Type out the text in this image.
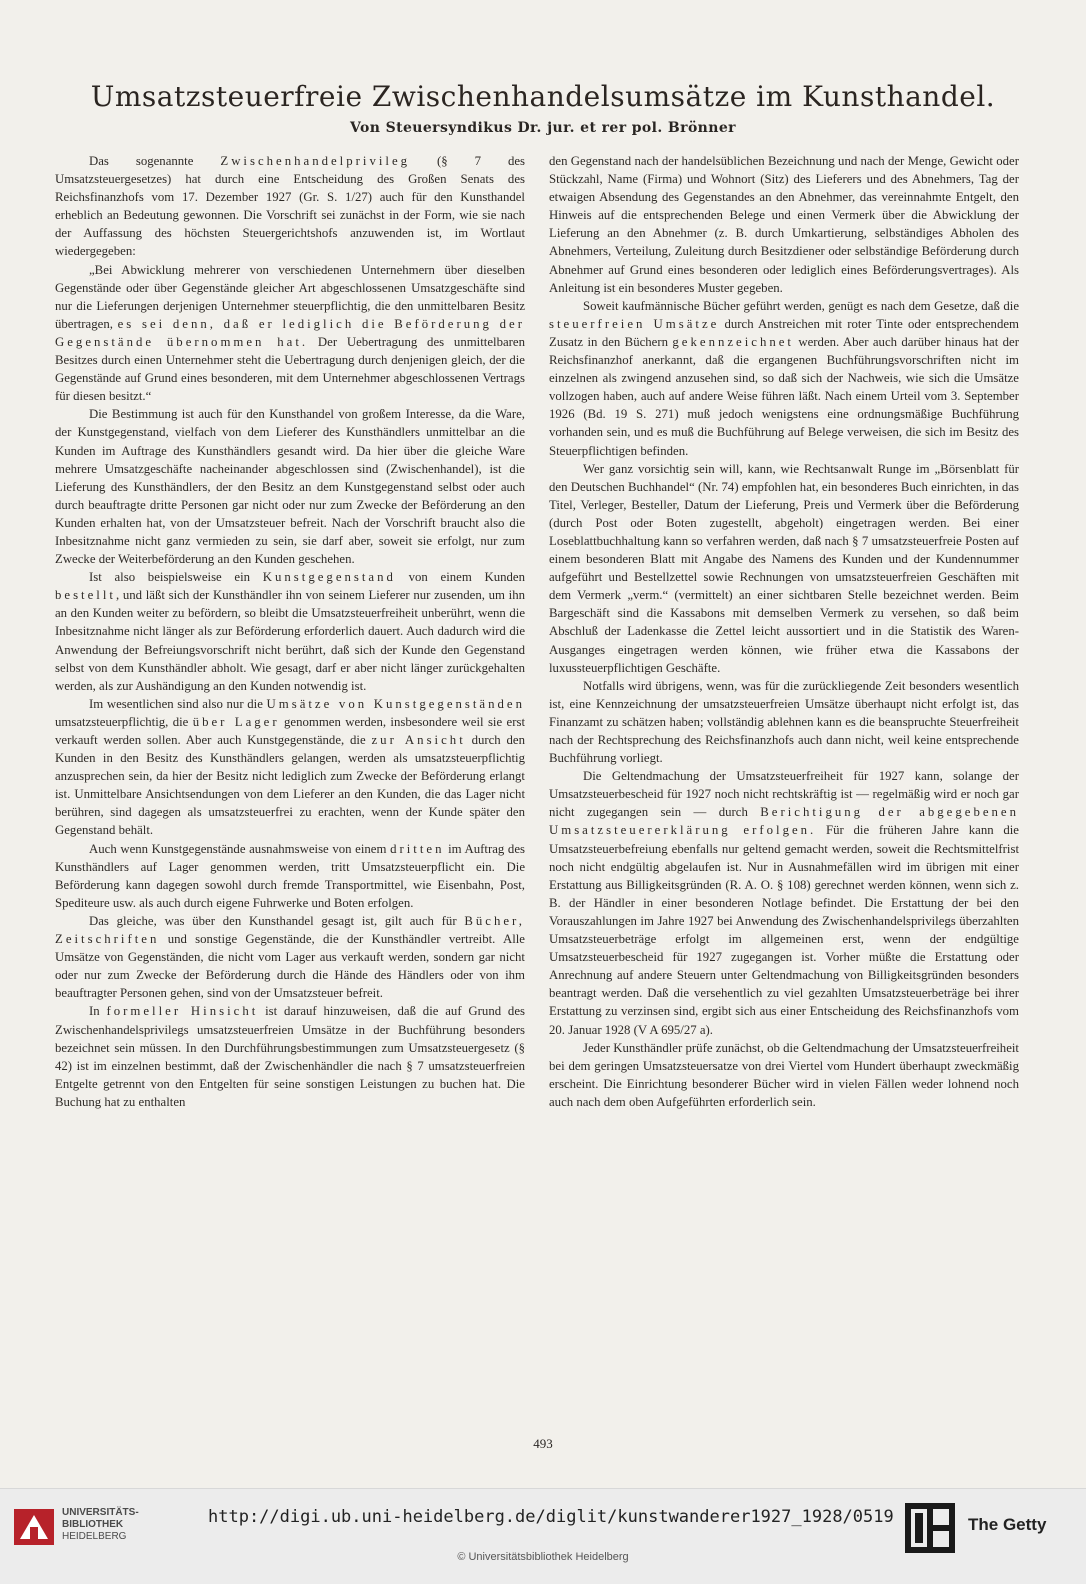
Umsatzsteuerfreie Zwischenhandelsumsätze im Kunsthandel.
Von Steuersyndikus Dr. jur. et rer pol. Brönner

Das sogenannte Zwischenhandelprivileg (§ 7 des Umsatzsteuergesetzes) hat durch eine Entscheidung des Großen Senats des Reichsfinanzhofs vom 17. Dezember 1927 (Gr. S. 1/27) auch für den Kunsthandel erheblich an Bedeutung gewonnen. Die Vorschrift sei zunächst in der Form, wie sie nach der Auffassung des höchsten Steuergerichtshofs anzuwenden ist, im Wortlaut wiedergegeben:

„Bei Abwicklung mehrerer von verschiedenen Unternehmern über dieselben Gegenstände oder über Gegenstände gleicher Art abgeschlossenen Umsatzgeschäfte sind nur die Lieferungen derjenigen Unternehmer steuerpflichtig, die den unmittelbaren Besitz übertragen, es sei denn, daß er lediglich die Beförderung der Gegenstände übernommen hat. Der Uebertragung des unmittelbaren Besitzes durch einen Unternehmer steht die Uebertragung durch denjenigen gleich, der die Gegenstände auf Grund eines besonderen, mit dem Unternehmer abgeschlossenen Vertrags für diesen besitzt.“

Die Bestimmung ist auch für den Kunsthandel von großem Interesse, da die Ware, der Kunstgegenstand, vielfach von dem Lieferer des Kunsthändlers unmittelbar an die Kunden im Auftrage des Kunsthändlers gesandt wird. Da hier über die gleiche Ware mehrere Umsatzgeschäfte nacheinander abgeschlossen sind (Zwischenhandel), ist die Lieferung des Kunsthändlers, der den Besitz an dem Kunstgegenstand selbst oder auch durch beauftragte dritte Personen gar nicht oder nur zum Zwecke der Beförderung an den Kunden erhalten hat, von der Umsatzsteuer befreit. Nach der Vorschrift braucht also die Inbesitznahme nicht ganz vermieden zu sein, sie darf aber, soweit sie erfolgt, nur zum Zwecke der Weiterbeförderung an den Kunden geschehen.

Ist also beispielsweise ein Kunstgegenstand von einem Kunden bestellt, und läßt sich der Kunsthändler ihn von seinem Lieferer nur zusenden, um ihn an den Kunden weiter zu befördern, so bleibt die Umsatzsteuerfreiheit unberührt, wenn die Inbesitznahme nicht länger als zur Beförderung erforderlich dauert. Auch dadurch wird die Anwendung der Befreiungsvorschrift nicht berührt, daß sich der Kunde den Gegenstand selbst von dem Kunsthändler abholt. Wie gesagt, darf er aber nicht länger zurückgehalten werden, als zur Aushändigung an den Kunden notwendig ist.

Im wesentlichen sind also nur die Umsätze von Kunstgegenständen umsatzsteuerpflichtig, die über Lager genommen werden, insbesondere weil sie erst verkauft werden sollen. Aber auch Kunstgegenstände, die zur Ansicht durch den Kunden in den Besitz des Kunsthändlers gelangen, werden als umsatzsteuerpflichtig anzusprechen sein, da hier der Besitz nicht lediglich zum Zwecke der Beförderung erlangt ist. Unmittelbare Ansichtsendungen von dem Lieferer an den Kunden, die das Lager nicht berühren, sind dagegen als umsatzsteuerfrei zu erachten, wenn der Kunde später den Gegenstand behält.

Auch wenn Kunstgegenstände ausnahmsweise von einem dritten im Auftrag des Kunsthändlers auf Lager genommen werden, tritt Umsatzsteuerpflicht ein. Die Beförderung kann dagegen sowohl durch fremde Transportmittel, wie Eisenbahn, Post, Spediteure usw. als auch durch eigene Fuhrwerke und Boten erfolgen.

Das gleiche, was über den Kunsthandel gesagt ist, gilt auch für Bücher, Zeitschriften und sonstige Gegenstände, die der Kunsthändler vertreibt. Alle Umsätze von Gegenständen, die nicht vom Lager aus verkauft werden, sondern gar nicht oder nur zum Zwecke der Beförderung durch die Hände des Händlers oder von ihm beauftragter Personen gehen, sind von der Umsatzsteuer befreit.

In formeller Hinsicht ist darauf hinzuweisen, daß die auf Grund des Zwischenhandelsprivilegs umsatzsteuerfreien Umsätze in der Buchführung besonders bezeichnet sein müssen. In den Durchführungsbestimmungen zum Umsatzsteuergesetz (§ 42) ist im einzelnen bestimmt, daß der Zwischenhändler die nach § 7 umsatzsteuerfreien Entgelte getrennt von den Entgelten für seine sonstigen Leistungen zu buchen hat. Die Buchung hat zu enthalten

den Gegenstand nach der handelsüblichen Bezeichnung und nach der Menge, Gewicht oder Stückzahl, Name (Firma) und Wohnort (Sitz) des Lieferers und des Abnehmers, Tag der etwaigen Absendung des Gegenstandes an den Abnehmer, das vereinnahmte Entgelt, den Hinweis auf die entsprechenden Belege und einen Vermerk über die Abwicklung der Lieferung an den Abnehmer (z. B. durch Umkartierung, selbständiges Abholen des Abnehmers, Verteilung, Zuleitung durch Besitzdiener oder selbständige Beförderung durch Abnehmer auf Grund eines besonderen oder lediglich eines Beförderungsvertrages). Als Anleitung ist ein besonderes Muster gegeben.

Soweit kaufmännische Bücher geführt werden, genügt es nach dem Gesetze, daß die steuerfreien Umsätze durch Anstreichen mit roter Tinte oder entsprechendem Zusatz in den Büchern gekennzeichnet werden. Aber auch darüber hinaus hat der Reichsfinanzhof anerkannt, daß die ergangenen Buchführungsvorschriften nicht im einzelnen als zwingend anzusehen sind, so daß sich der Nachweis, wie sich die Umsätze vollzogen haben, auch auf andere Weise führen läßt. Nach einem Urteil vom 3. September 1926 (Bd. 19 S. 271) muß jedoch wenigstens eine ordnungsmäßige Buchführung vorhanden sein, und es muß die Buchführung auf Belege verweisen, die sich im Besitz des Steuerpflichtigen befinden.

Wer ganz vorsichtig sein will, kann, wie Rechtsanwalt Runge im „Börsenblatt für den Deutschen Buchhandel“ (Nr. 74) empfohlen hat, ein besonderes Buch einrichten, in das Titel, Verleger, Besteller, Datum der Lieferung, Preis und Vermerk über die Beförderung (durch Post oder Boten zugestellt, abgeholt) eingetragen werden. Bei einer Loseblattbuchhaltung kann so verfahren werden, daß nach § 7 umsatzsteuerfreie Posten auf einem besonderen Blatt mit Angabe des Namens des Kunden und der Kundennummer aufgeführt und Bestellzettel sowie Rechnungen von umsatzsteuerfreien Geschäften mit dem Vermerk „verm.“ (vermittelt) an einer sichtbaren Stelle bezeichnet werden. Beim Bargeschäft sind die Kassabons mit demselben Vermerk zu versehen, so daß beim Abschluß der Ladenkasse die Zettel leicht aussortiert und in die Statistik des Waren-Ausganges eingetragen werden können, wie früher etwa die Kassabons der luxussteuerpflichtigen Geschäfte.

Notfalls wird übrigens, wenn, was für die zurückliegende Zeit besonders wesentlich ist, eine Kennzeichnung der umsatzsteuerfreien Umsätze überhaupt nicht erfolgt ist, das Finanzamt zu schätzen haben; vollständig ablehnen kann es die beanspruchte Steuerfreiheit nach der Rechtsprechung des Reichsfinanzhofs auch dann nicht, weil keine entsprechende Buchführung vorliegt.

Die Geltendmachung der Umsatzsteuerfreiheit für 1927 kann, solange der Umsatzsteuerbescheid für 1927 noch nicht rechtskräftig ist — regelmäßig wird er noch gar nicht zugegangen sein — durch Berichtigung der abgegebenen Umsatzsteuererklärung erfolgen. Für die früheren Jahre kann die Umsatzsteuerbefreiung ebenfalls nur geltend gemacht werden, soweit die Rechtsmittelfrist noch nicht endgültig abgelaufen ist. Nur in Ausnahmefällen wird im übrigen mit einer Erstattung aus Billigkeitsgründen (R. A. O. § 108) gerechnet werden können, wenn sich z. B. der Händler in einer besonderen Notlage befindet. Die Erstattung der bei den Vorauszahlungen im Jahre 1927 bei Anwendung des Zwischenhandelsprivilegs überzahlten Umsatzsteuerbeträge erfolgt im allgemeinen erst, wenn der endgültige Umsatzsteuerbescheid für 1927 zugegangen ist. Vorher müßte die Erstattung oder Anrechnung auf andere Steuern unter Geltendmachung von Billigkeitsgründen besonders beantragt werden. Daß die versehentlich zu viel gezahlten Umsatzsteuerbeträge bei ihrer Erstattung zu verzinsen sind, ergibt sich aus einer Entscheidung des Reichsfinanzhofs vom 20. Januar 1928 (V A 695/27 a).

Jeder Kunsthändler prüfe zunächst, ob die Geltendmachung der Umsatzsteuerfreiheit bei dem geringen Umsatzsteuersatze von drei Viertel vom Hundert überhaupt zweckmäßig erscheint. Die Einrichtung besonderer Bücher wird in vielen Fällen weder lohnend noch auch nach dem oben Aufgeführten erforderlich sein.

493
UNIVERSITÄTS-
BIBLIOTHEK
HEIDELBERG
http://digi.ub.uni-heidelberg.de/diglit/kunstwanderer1927_1928/0519
© Universitätsbibliothek Heidelberg
The Getty
